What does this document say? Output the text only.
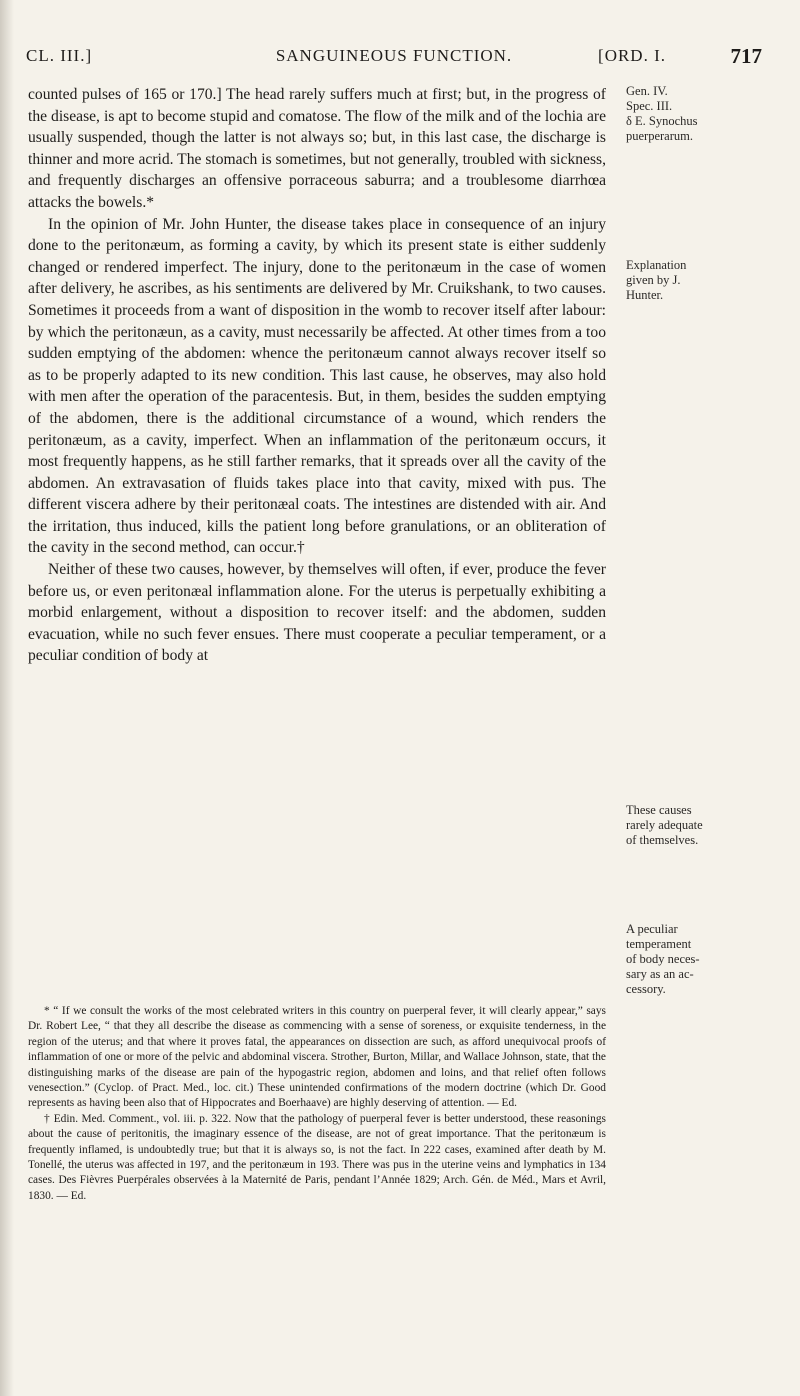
CL. III.]	SANGUINEOUS FUNCTION.	[ORD. I.	717

counted pulses of 165 or 170.] The head rarely suffers much at first; but, in the progress of the disease, is apt to become stupid and comatose. The flow of the milk and of the lochia are usually suspended, though the latter is not always so; but, in this last case, the discharge is thinner and more acrid. The stomach is sometimes, but not generally, troubled with sickness, and frequently discharges an offensive porraceous saburra; and a troublesome diarrhœa attacks the bowels.*

In the opinion of Mr. John Hunter, the disease takes place in consequence of an injury done to the peritonæum, as forming a cavity, by which its present state is either suddenly changed or rendered imperfect. The injury, done to the peritonæum in the case of women after delivery, he ascribes, as his sentiments are delivered by Mr. Cruikshank, to two causes. Sometimes it proceeds from a want of disposition in the womb to recover itself after labour: by which the peritonæun, as a cavity, must necessarily be affected. At other times from a too sudden emptying of the abdomen: whence the peritonæum cannot always recover itself so as to be properly adapted to its new condition. This last cause, he observes, may also hold with men after the operation of the paracentesis. But, in them, besides the sudden emptying of the abdomen, there is the additional circumstance of a wound, which renders the peritonæum, as a cavity, imperfect. When an inflammation of the peritonæum occurs, it most frequently happens, as he still farther remarks, that it spreads over all the cavity of the abdomen. An extravasation of fluids takes place into that cavity, mixed with pus. The different viscera adhere by their peritonæal coats. The intestines are distended with air. And the irritation, thus induced, kills the patient long before granulations, or an obliteration of the cavity in the second method, can occur.†

Neither of these two causes, however, by themselves will often, if ever, produce the fever before us, or even peritonæal inflammation alone. For the uterus is perpetually exhibiting a morbid enlargement, without a disposition to recover itself: and the abdomen, sudden evacuation, while no such fever ensues. There must cooperate a peculiar temperament, or a peculiar condition of body at

* “ If we consult the works of the most celebrated writers in this country on puerperal fever, it will clearly appear,” says Dr. Robert Lee, “ that they all describe the disease as commencing with a sense of soreness, or exquisite tenderness, in the region of the uterus; and that where it proves fatal, the appearances on dissection are such, as afford unequivocal proofs of inflammation of one or more of the pelvic and abdominal viscera. Strother, Burton, Millar, and Wallace Johnson, state, that the distinguishing marks of the disease are pain of the hypogastric region, abdomen and loins, and that relief often follows venesection.” (Cyclop. of Pract. Med., loc. cit.) These unintended confirmations of the modern doctrine (which Dr. Good represents as having been also that of Hippocrates and Boerhaave) are highly deserving of attention. — Ed.

† Edin. Med. Comment., vol. iii. p. 322. Now that the pathology of puerperal fever is better understood, these reasonings about the cause of peritonitis, the imaginary essence of the disease, are not of great importance. That the peritonæum is frequently inflamed, is undoubtedly true; but that it is always so, is not the fact. In 222 cases, examined after death by M. Tonellé, the uterus was affected in 197, and the peritonæum in 193. There was pus in the uterine veins and lymphatics in 134 cases. Des Fièvres Puerpérales observées à la Maternité de Paris, pendant l’Année 1829; Arch. Gén. de Méd., Mars et Avril, 1830. — Ed.

Gen. IV.
Spec. III.
δ E. Synochus
puerperarum.
Explanation
given by J.
Hunter.
These causes
rarely adequate
of themselves.
A peculiar
temperament
of body neces-
sary as an ac-
cessory.
